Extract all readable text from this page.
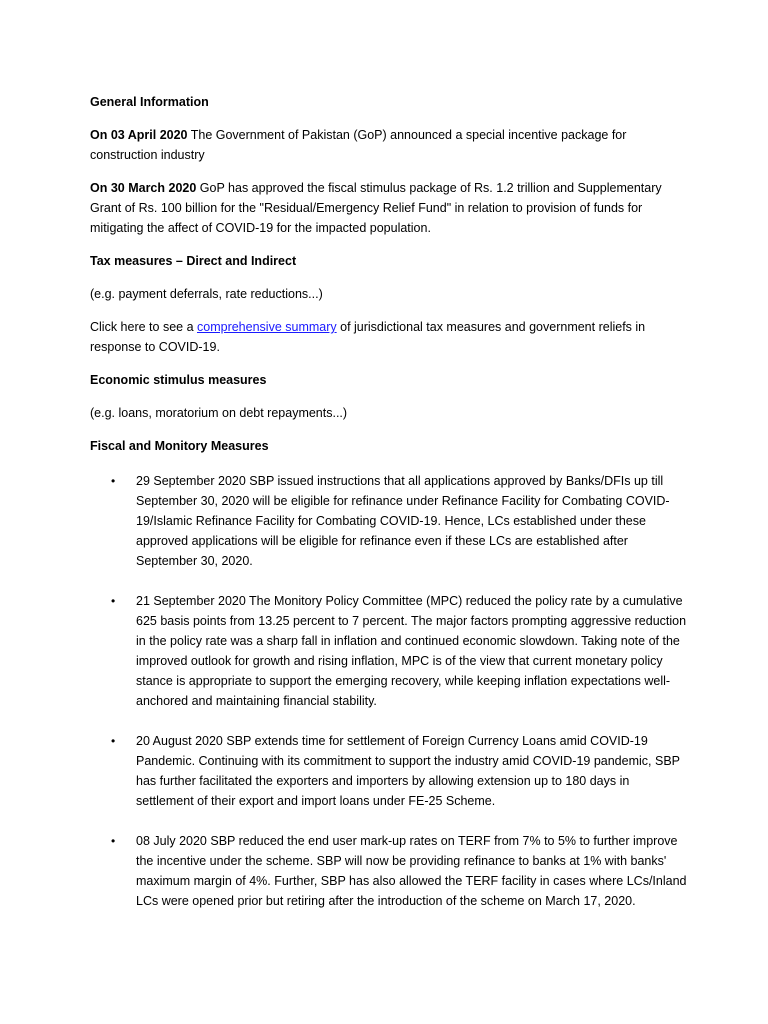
General Information

On 03 April 2020 The Government of Pakistan (GoP) announced a special incentive package for construction industry

On 30 March 2020 GoP has approved the fiscal stimulus package of Rs. 1.2 trillion and Supplementary Grant of Rs. 100 billion for the "Residual/Emergency Relief Fund" in relation to provision of funds for mitigating the affect of COVID-19 for the impacted population.

Tax measures – Direct and Indirect

(e.g. payment deferrals, rate reductions...)

Click here to see a comprehensive summary of jurisdictional tax measures and government reliefs in response to COVID-19.

Economic stimulus measures

(e.g. loans, moratorium on debt repayments...)

Fiscal and Monitory Measures

• 29 September 2020 SBP issued instructions that all applications approved by Banks/DFIs up till September 30, 2020 will be eligible for refinance under Refinance Facility for Combating COVID-19/Islamic Refinance Facility for Combating COVID-19. Hence, LCs established under these approved applications will be eligible for refinance even if these LCs are established after September 30, 2020.
• 21 September 2020 The Monitory Policy Committee (MPC) reduced the policy rate by a cumulative 625 basis points from 13.25 percent to 7 percent. The major factors prompting aggressive reduction in the policy rate was a sharp fall in inflation and continued economic slowdown. Taking note of the improved outlook for growth and rising inflation, MPC is of the view that current monetary policy stance is appropriate to support the emerging recovery, while keeping inflation expectations well-anchored and maintaining financial stability.
• 20 August 2020 SBP extends time for settlement of Foreign Currency Loans amid COVID-19 Pandemic. Continuing with its commitment to support the industry amid COVID-19 pandemic, SBP has further facilitated the exporters and importers by allowing extension up to 180 days in settlement of their export and import loans under FE-25 Scheme.
• 08 July 2020 SBP reduced the end user mark-up rates on TERF from 7% to 5% to further improve the incentive under the scheme. SBP will now be providing refinance to banks at 1% with banks' maximum margin of 4%. Further, SBP has also allowed the TERF facility in cases where LCs/Inland LCs were opened prior but retiring after the introduction of the scheme on March 17, 2020.
